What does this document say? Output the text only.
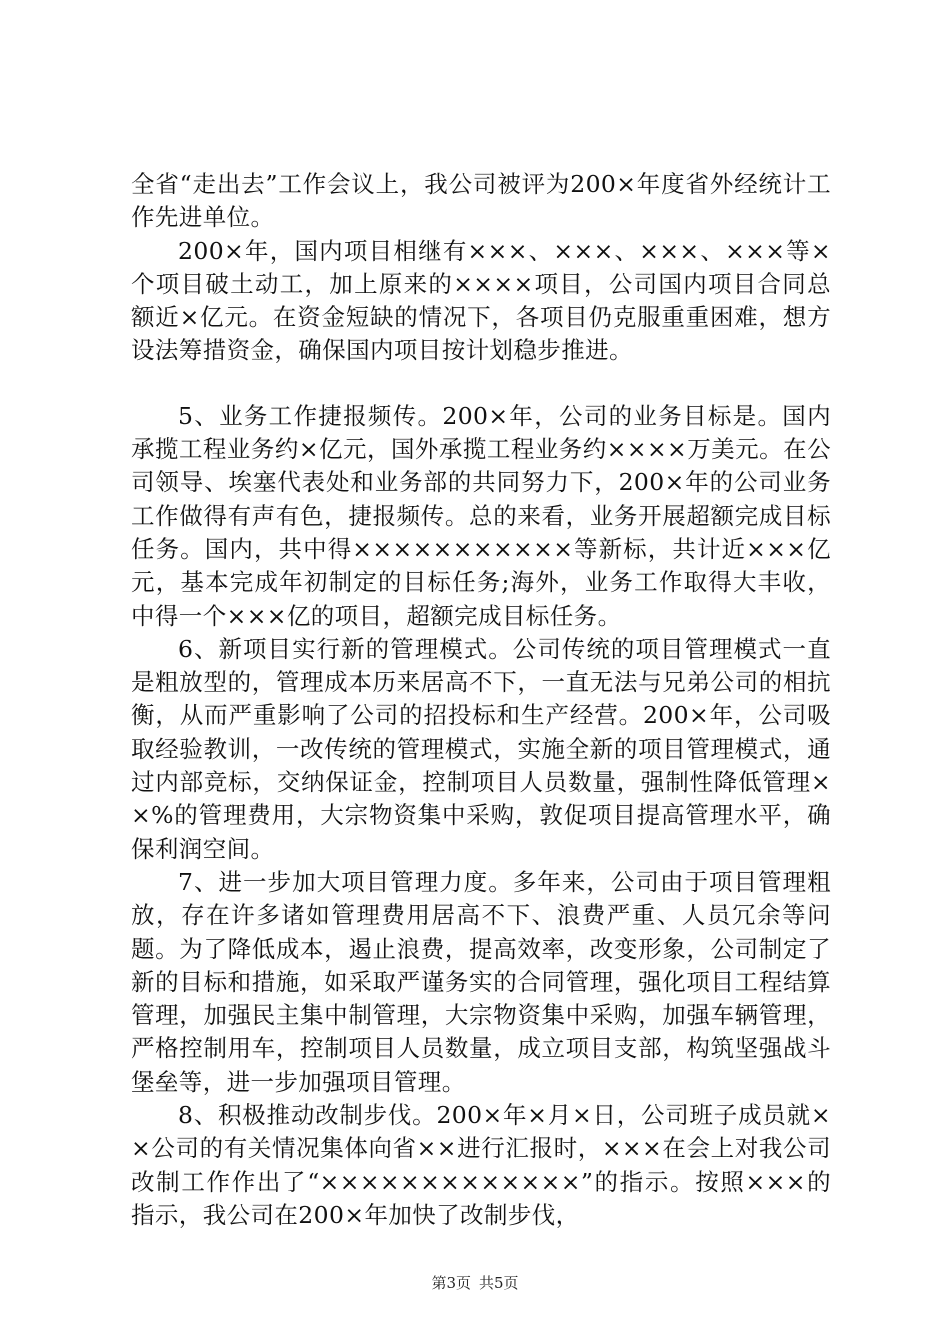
全省“走出去”工作会议上，我公司被评为200×年度省外经统计工作先进单位。

200×年，国内项目相继有×××、×××、×××、×××等×个项目破土动工，加上原来的××××项目，公司国内项目合同总额近×亿元。在资金短缺的情况下，各项目仍克服重重困难，想方设法筹措资金，确保国内项目按计划稳步推进。

5、业务工作捷报频传。200×年，公司的业务目标是。国内承揽工程业务约×亿元，国外承揽工程业务约××××万美元。在公司领导、埃塞代表处和业务部的共同努力下，200×年的公司业务工作做得有声有色，捷报频传。总的来看，业务开展超额完成目标任务。国内，共中得×××××××××××等新标，共计近×××亿元，基本完成年初制定的目标任务;海外，业务工作取得大丰收，中得一个×××亿的项目，超额完成目标任务。

6、新项目实行新的管理模式。公司传统的项目管理模式一直是粗放型的，管理成本历来居高不下，一直无法与兄弟公司的相抗衡，从而严重影响了公司的招投标和生产经营。200×年，公司吸取经验教训，一改传统的管理模式，实施全新的项目管理模式，通过内部竞标，交纳保证金，控制项目人员数量，强制性降低管理××%的管理费用，大宗物资集中采购，敦促项目提高管理水平，确保利润空间。

7、进一步加大项目管理力度。多年来，公司由于项目管理粗放，存在许多诸如管理费用居高不下、浪费严重、人员冗余等问题。为了降低成本，遏止浪费，提高效率，改变形象，公司制定了新的目标和措施，如采取严谨务实的合同管理，强化项目工程结算管理，加强民主集中制管理，大宗物资集中采购，加强车辆管理，严格控制用车，控制项目人员数量，成立项目支部，构筑坚强战斗堡垒等，进一步加强项目管理。

8、积极推动改制步伐。200×年×月×日，公司班子成员就××公司的有关情况集体向省××进行汇报时，×××在会上对我公司改制工作作出了“×××××××××××××”的指示。按照×××的指示，我公司在200×年加快了改制步伐，

第3页 共5页
